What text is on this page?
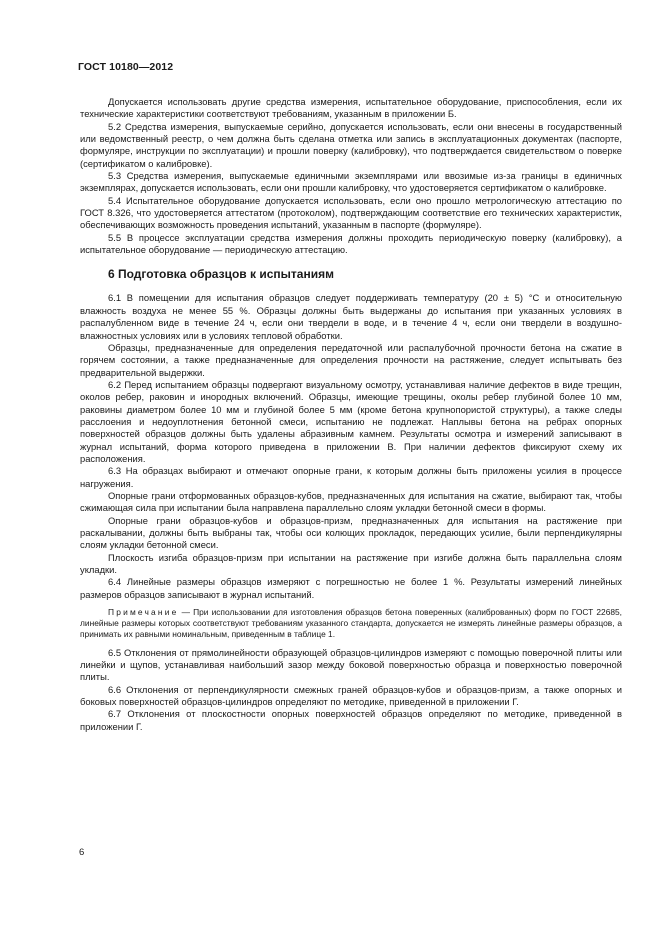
ГОСТ 10180—2012

Допускается использовать другие средства измерения, испытательное оборудование, приспособления, если их технические характеристики соответствуют требованиям, указанным в приложении Б.

5.2 Средства измерения, выпускаемые серийно, допускается использовать, если они внесены в государственный или ведомственный реестр, о чем должна быть сделана отметка или запись в эксплуатационных документах (паспорте, формуляре, инструкции по эксплуатации) и прошли поверку (калибровку), что подтверждается свидетельством о поверке (сертификатом о калибровке).

5.3 Средства измерения, выпускаемые единичными экземплярами или ввозимые из-за границы в единичных экземплярах, допускается использовать, если они прошли калибровку, что удостоверяется сертификатом о калибровке.

5.4 Испытательное оборудование допускается использовать, если оно прошло метрологическую аттестацию по ГОСТ 8.326, что удостоверяется аттестатом (протоколом), подтверждающим соответствие его технических характеристик, обеспечивающих возможность проведения испытаний, указанным в паспорте (формуляре).

5.5 В процессе эксплуатации средства измерения должны проходить периодическую поверку (калибровку), а испытательное оборудование — периодическую аттестацию.

6 Подготовка образцов к испытаниям

6.1 В помещении для испытания образцов следует поддерживать температуру (20 ± 5) °С и относительную влажность воздуха не менее 55 %. Образцы должны быть выдержаны до испытания при указанных условиях в распалубленном виде в течение 24 ч, если они твердели в воде, и в течение 4 ч, если они твердели в воздушно-влажностных условиях или в условиях тепловой обработки.

Образцы, предназначенные для определения передаточной или распалубочной прочности бетона на сжатие в горячем состоянии, а также предназначенные для определения прочности на растяжение, следует испытывать без предварительной выдержки.

6.2 Перед испытанием образцы подвергают визуальному осмотру, устанавливая наличие дефектов в виде трещин, околов ребер, раковин и инородных включений. Образцы, имеющие трещины, околы ребер глубиной более 10 мм, раковины диаметром более 10 мм и глубиной более 5 мм (кроме бетона крупнопористой структуры), а также следы расслоения и недоуплотнения бетонной смеси, испытанию не подлежат. Наплывы бетона на ребрах опорных поверхностей образцов должны быть удалены абразивным камнем. Результаты осмотра и измерений записывают в журнал испытаний, форма которого приведена в приложении В. При наличии дефектов фиксируют схему их расположения.

6.3 На образцах выбирают и отмечают опорные грани, к которым должны быть приложены усилия в процессе нагружения.

Опорные грани отформованных образцов-кубов, предназначенных для испытания на сжатие, выбирают так, чтобы сжимающая сила при испытании была направлена параллельно слоям укладки бетонной смеси в формы.

Опорные грани образцов-кубов и образцов-призм, предназначенных для испытания на растяжение при раскалывании, должны быть выбраны так, чтобы оси колющих прокладок, передающих усилие, были перпендикулярны слоям укладки бетонной смеси.

Плоскость изгиба образцов-призм при испытании на растяжение при изгибе должна быть параллельна слоям укладки.

6.4 Линейные размеры образцов измеряют с погрешностью не более 1 %. Результаты измерений линейных размеров образцов записывают в журнал испытаний.

Примечание — При использовании для изготовления образцов бетона поверенных (калиброванных) форм по ГОСТ 22685, линейные размеры которых соответствуют требованиям указанного стандарта, допускается не измерять линейные размеры образцов, а принимать их равными номинальным, приведенным в таблице 1.

6.5 Отклонения от прямолинейности образующей образцов-цилиндров измеряют с помощью поверочной плиты или линейки и щупов, устанавливая наибольший зазор между боковой поверхностью образца и поверхностью поверочной плиты.

6.6 Отклонения от перпендикулярности смежных граней образцов-кубов и образцов-призм, а также опорных и боковых поверхностей образцов-цилиндров определяют по методике, приведенной в приложении Г.

6.7 Отклонения от плоскостности опорных поверхностей образцов определяют по методике, приведенной в приложении Г.

6
